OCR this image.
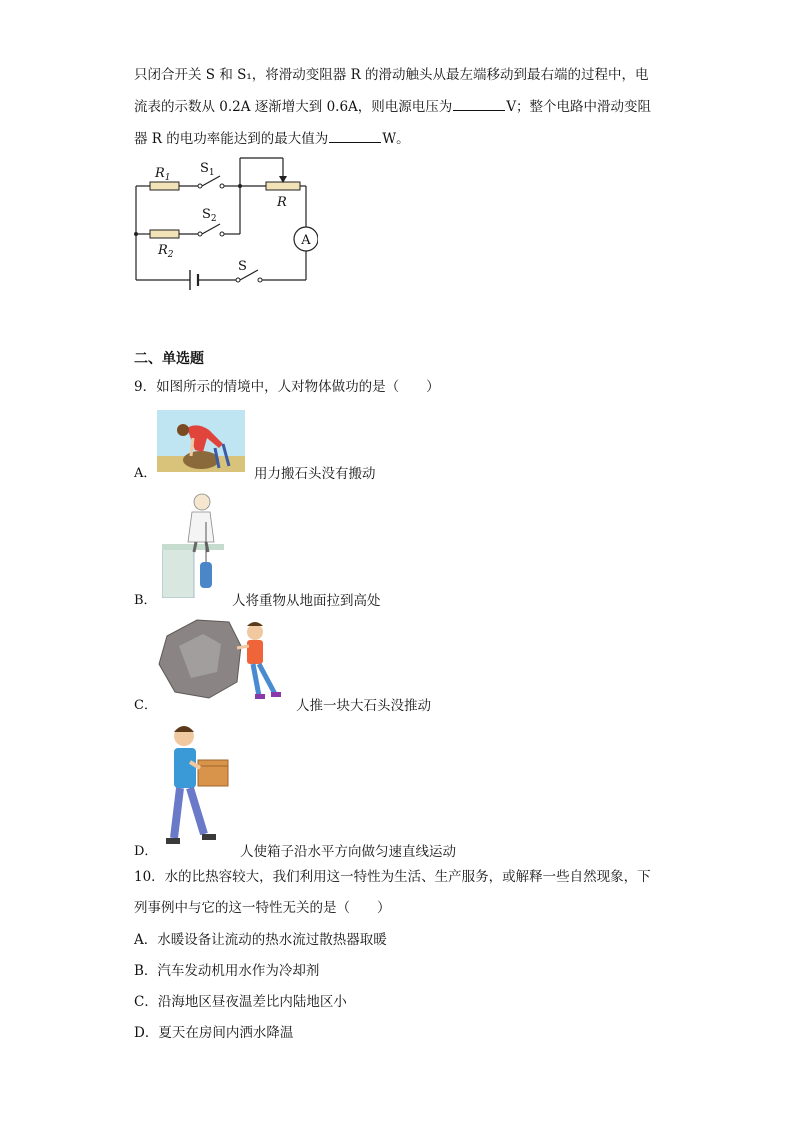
只闭合开关 S 和 S₁，将滑动变阻器 R 的滑动触头从最左端移动到最右端的过程中，电
流表的示数从 0.2A 逐渐增大到 0.6A，则电源电压为	V；整个电路中滑动变阻
器 R 的电功率能达到的最大值为	W。
A
$R_1$
$S_1$
$S_2$
$R_2$
R
S
二、单选题
9．如图所示的情境中，人对物体做功的是（　　）
A．	用力搬石头没有搬动
B．	人将重物从地面拉到高处
C．	人推一块大石头没推动
D．	人使箱子沿水平方向做匀速直线运动
10．水的比热容较大，我们利用这一特性为生活、生产服务，或解释一些自然现象，下
列事例中与它的这一特性无关的是（　　）
A．水暖设备让流动的热水流过散热器取暖
B．汽车发动机用水作为冷却剂
C．沿海地区昼夜温差比内陆地区小
D．夏天在房间内洒水降温
